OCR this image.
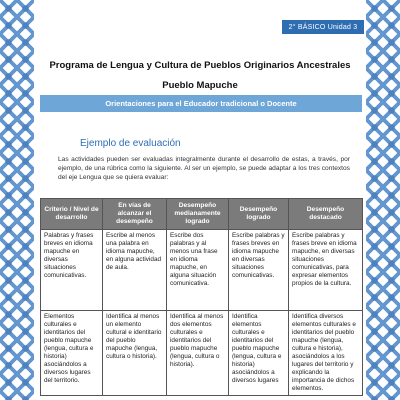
2° BÁSICO Unidad 3
Programa de Lengua y Cultura de Pueblos Originarios Ancestrales
Pueblo Mapuche
Orientaciones para el Educador tradicional o Docente
Ejemplo de evaluación
Las actividades pueden ser evaluadas integralmente durante el desarrollo de estas, a través, por ejemplo, de una rúbrica como la siguiente. Al ser un ejemplo, se puede adaptar a los tres contextos del eje Lengua que se quiera evaluar:
Criterio / Nivel de desarrollo	En vías de alcanzar el desempeño	Desempeño medianamente logrado	Desempeño logrado	Desempeño destacado
Palabras y frases breves en idioma mapuche en diversas situaciones comunicativas.	Escribe al menos una palabra en idioma mapuche, en alguna actividad de aula.	Escribe dos palabras y al menos una frase en idioma mapuche, en alguna situación comunicativa.	Escribe palabras y frases breves en idioma mapuche en diversas situaciones comunicativas.	Escribe palabras y frases breve en idioma mapuche, en diversas situaciones comunicativas, para expresar elementos propios de la cultura.
Elementos culturales e identitarios del pueblo mapuche (lengua, cultura e historia) asociándolos a diversos lugares del territorio.	Identifica al menos un elemento cultural e identitario del pueblo mapuche (lengua, cultura o historia).	Identifica al menos dos elementos culturales e identitarios del pueblo mapuche (lengua, cultura o historia).	Identifica elementos culturales e identitarios del pueblo mapuche (lengua, cultura e historia) asociándolos a diversos lugares	Identifica diversos elementos culturales e identitarios del pueblo mapuche (lengua, cultura e historia), asociándolos a los lugares del territorio y explicando la importancia de dichos elementos.
